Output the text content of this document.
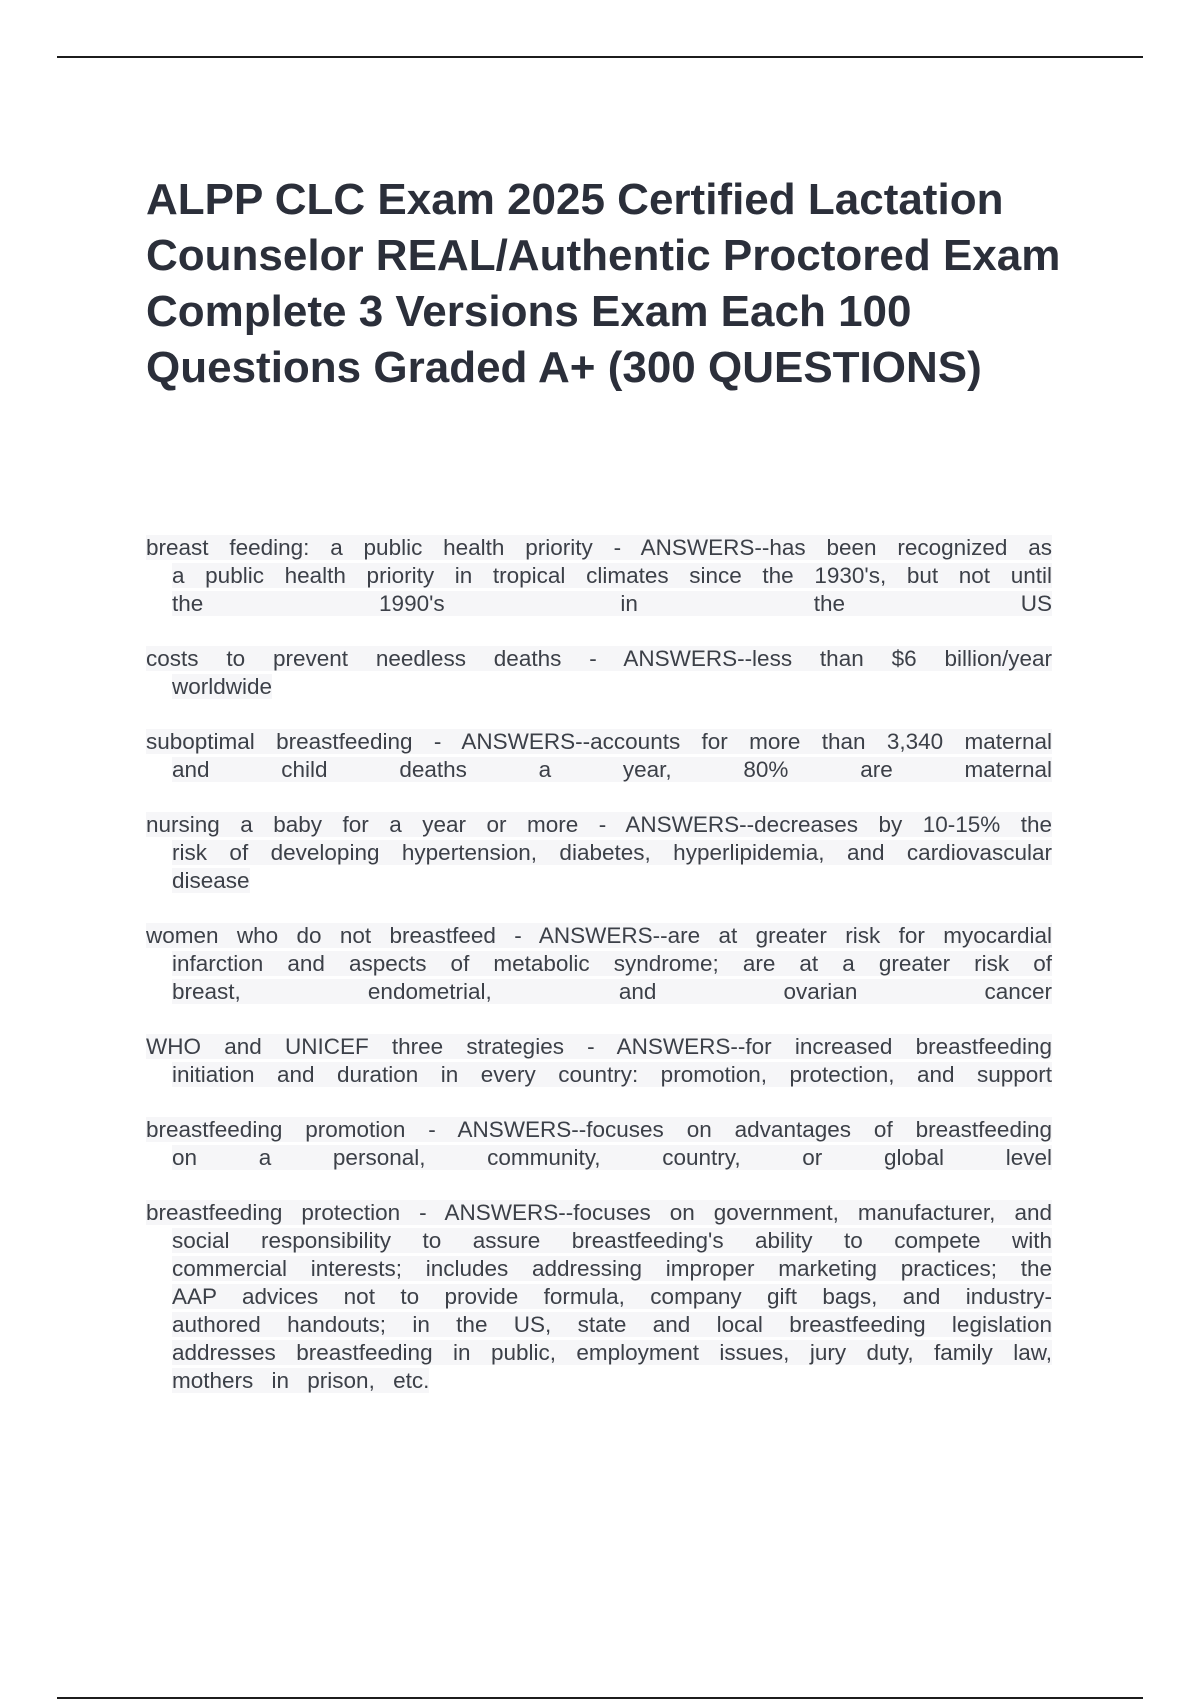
ALPP CLC Exam 2025 Certified Lactation Counselor REAL/Authentic Proctored Exam Complete 3 Versions Exam Each 100 Questions Graded A+ (300 QUESTIONS)
breast feeding: a public health priority - ANSWERS--has been recognized as a public health priority in tropical climates since the 1930's, but not until the 1990's in the US
costs to prevent needless deaths - ANSWERS--less than $6 billion/year worldwide
suboptimal breastfeeding - ANSWERS--accounts for more than 3,340 maternal and child deaths a year, 80% are maternal
nursing a baby for a year or more - ANSWERS--decreases by 10-15% the risk of developing hypertension, diabetes, hyperlipidemia, and cardiovascular disease
women who do not breastfeed - ANSWERS--are at greater risk for myocardial infarction and aspects of metabolic syndrome; are at a greater risk of breast, endometrial, and ovarian cancer
WHO and UNICEF three strategies - ANSWERS--for increased breastfeeding initiation and duration in every country: promotion, protection, and support
breastfeeding promotion - ANSWERS--focuses on advantages of breastfeeding on a personal, community, country, or global level
breastfeeding protection - ANSWERS--focuses on government, manufacturer, and social responsibility to assure breastfeeding's ability to compete with commercial interests; includes addressing improper marketing practices; the AAP advices not to provide formula, company gift bags, and industry-authored handouts; in the US, state and local breastfeeding legislation addresses breastfeeding in public, employment issues, jury duty, family law, mothers in prison, etc.
